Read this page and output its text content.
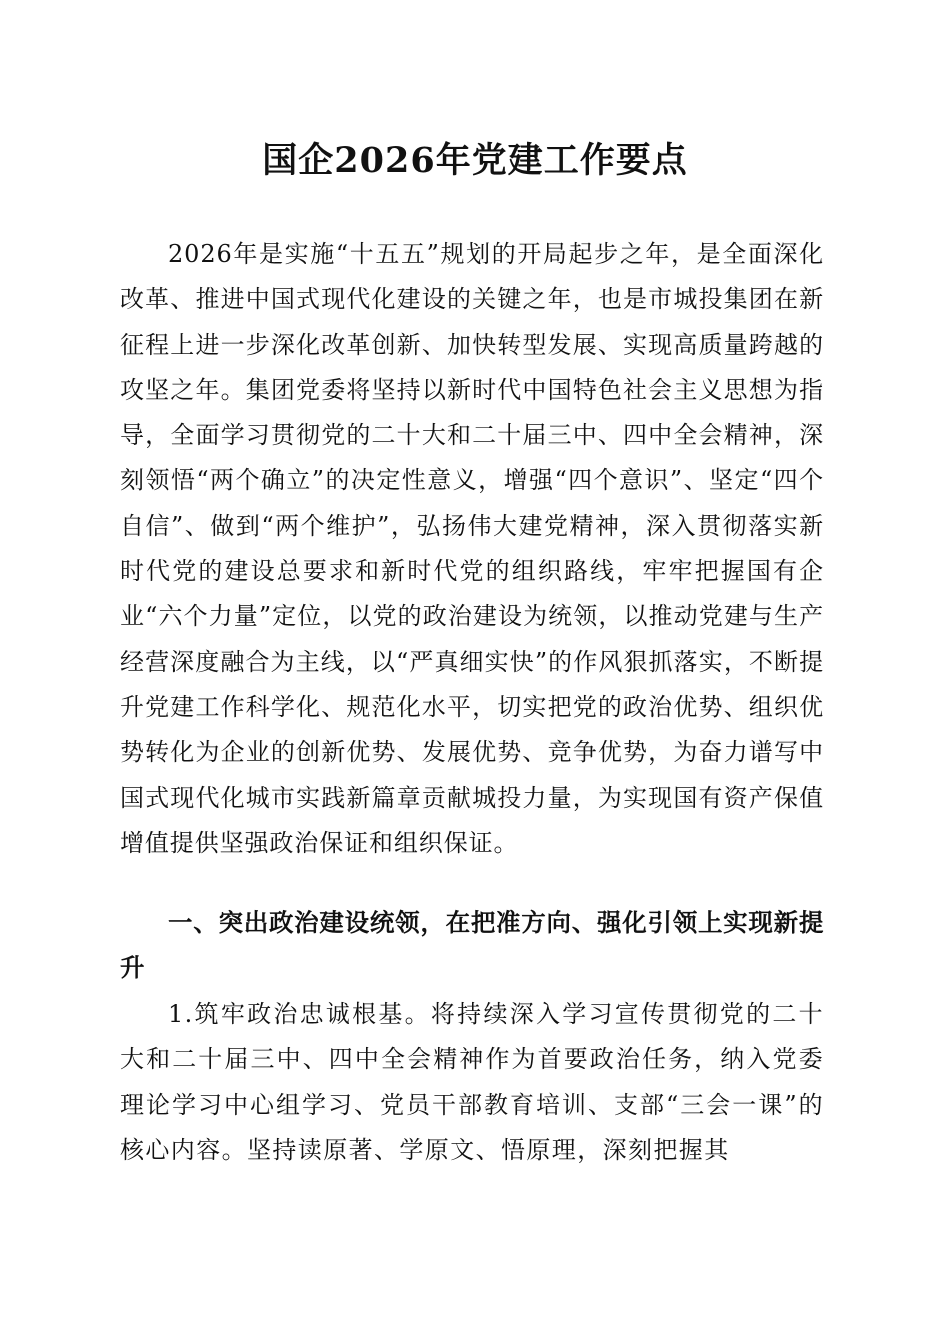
国企2026年党建工作要点

2026年是实施“十五五”规划的开局起步之年，是全面深化改革、推进中国式现代化建设的关键之年，也是市城投集团在新征程上进一步深化改革创新、加快转型发展、实现高质量跨越的攻坚之年。集团党委将坚持以新时代中国特色社会主义思想为指导，全面学习贯彻党的二十大和二十届三中、四中全会精神，深刻领悟“两个确立”的决定性意义，增强“四个意识”、坚定“四个自信”、做到“两个维护”，弘扬伟大建党精神，深入贯彻落实新时代党的建设总要求和新时代党的组织路线，牢牢把握国有企业“六个力量”定位，以党的政治建设为统领，以推动党建与生产经营深度融合为主线，以“严真细实快”的作风狠抓落实，不断提升党建工作科学化、规范化水平，切实把党的政治优势、组织优势转化为企业的创新优势、发展优势、竞争优势，为奋力谱写中国式现代化城市实践新篇章贡献城投力量，为实现国有资产保值增值提供坚强政治保证和组织保证。

一、突出政治建设统领，在把准方向、强化引领上实现新提升

1.筑牢政治忠诚根基。将持续深入学习宣传贯彻党的二十大和二十届三中、四中全会精神作为首要政治任务，纳入党委理论学习中心组学习、党员干部教育培训、支部“三会一课”的核心内容。坚持读原著、学原文、悟原理，深刻把握其
